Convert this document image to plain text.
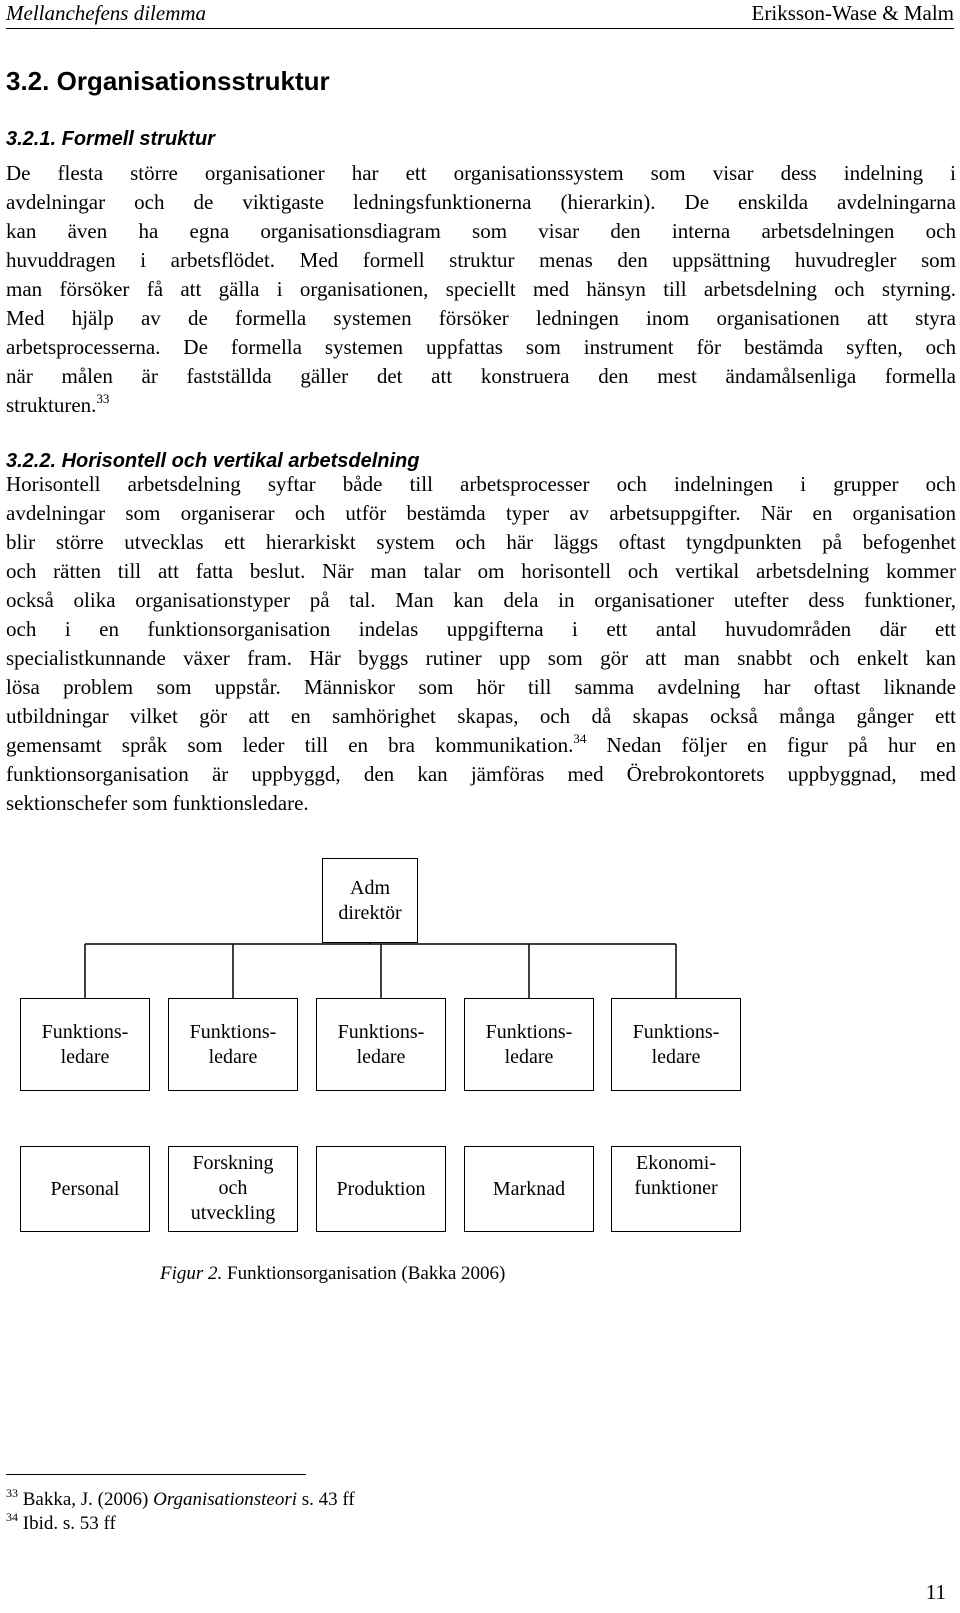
Mellanchefens dilemma	Eriksson-Wase & Malm
3.2. Organisationsstruktur
3.2.1. Formell struktur

De flesta större organisationer har ett organisationssystem som visar dess indelning i
avdelningar och de viktigaste ledningsfunktionerna (hierarkin). De enskilda avdelningarna
kan även ha egna organisationsdiagram som visar den interna arbetsdelningen och
huvuddragen i arbetsflödet. Med formell struktur menas den uppsättning huvudregler som
man försöker få att gälla i organisationen, speciellt med hänsyn till arbetsdelning och styrning.
Med hjälp av de formella systemen försöker ledningen inom organisationen att styra
arbetsprocesserna. De formella systemen uppfattas som instrument för bestämda syften, och
när målen är fastställda gäller det att konstruera den mest ändamålsenliga formella
strukturen.$^{33}$

3.2.2. Horisontell och vertikal arbetsdelning

Horisontell arbetsdelning syftar både till arbetsprocesser och indelningen i grupper och
avdelningar som organiserar och utför bestämda typer av arbetsuppgifter. När en organisation
blir större utvecklas ett hierarkiskt system och här läggs oftast tyngdpunkten på befogenhet
och rätten till att fatta beslut. När man talar om horisontell och vertikal arbetsdelning kommer
också olika organisationstyper på tal. Man kan dela in organisationer utefter dess funktioner,
och i en funktionsorganisation indelas uppgifterna i ett antal huvudområden där ett
specialistkunnande växer fram. Här byggs rutiner upp som gör att man snabbt och enkelt kan
lösa problem som uppstår. Människor som hör till samma avdelning har oftast liknande
utbildningar vilket gör att en samhörighet skapas, och då skapas också många gånger ett
gemensamt språk som leder till en bra kommunikation.$^{34}$ Nedan följer en figur på hur en
funktionsorganisation är uppbyggd, den kan jämföras med Örebrokontorets uppbyggnad, med
sektionschefer som funktionsledare.

Adm
direktör
Funktions-
ledare
Funktions-
ledare
Funktions-
ledare
Funktions-
ledare
Funktions-
ledare
Personal
Forskning
och
utveckling
Produktion	Marknad
Ekonomi-
funktioner
Figur 2. Funktionsorganisation (Bakka 2006)
$^{33}$ Bakka, J. (2006) Organisationsteori s. 43 ff
$^{34}$ Ibid. s. 53 ff
11
